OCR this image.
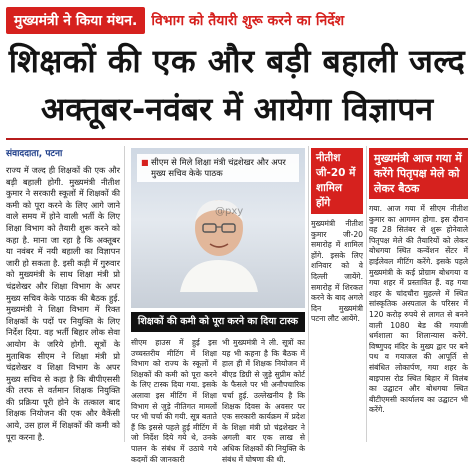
मुख्यमंत्री ने किया मंथन.	विभाग को तैयारी शुरू करने का निर्देश
शिक्षकों की एक और बड़ी बहाली जल्द
अक्तूबर-नवंबर में आयेगा विज्ञापन
संवाददाता, पटना
राज्य में जल्द ही शिक्षकों की एक और बड़ी बहाली होगी. मुख्यमंत्री नीतीश कुमार ने सरकारी स्कूलों में शिक्षकों की कमी को पूरा करने के लिए आगे जाने वाले समय में होने वाली भर्ती के लिए शिक्षा विभाग को तैयारी शुरू करने को कहा है. माना जा रहा है कि अक्तूबर या नवंबर में नयी बहाली का विज्ञापन जारी हो सकता है. इसी कड़ी में गुरुवार को मुख्यमंत्री के साथ शिक्षा मंत्री प्रो चंद्रशेखर और शिक्षा विभाग के अपर मुख्य सचिव केके पाठक की बैठक हुई. मुख्यमंत्री ने शिक्षा विभाग में रिक्त शिक्षकों के पदों पर नियुक्ति के लिए निर्देश दिया. वह भर्ती बिहार लोक सेवा आयोग के जरिये होगी. सूत्रों के मुताबिक सीएम ने शिक्षा मंत्री प्रो चंद्रशेखर व शिक्षा विभाग के अपर मुख्य सचिव से कहा है कि बीपीएससी की तरफ से वर्तमान शिक्षक नियुक्ति की प्रक्रिया पूरी होने के तत्काल बाद शिक्षक नियोजन की एक और वैकेंसी आये, उस हाल में शिक्षकों की कमी को पूरा करना है.
■ सीएम से मिले शिक्षा मंत्री चंद्रशेखर और अपर मुख्य सचिव केके पाठक
@pxy
शिक्षकों की कमी को पूरा करने का दिया टास्क
सीएम हाउस में हुई इस उच्चस्तरीय मीटिंग में शिक्षा विभाग को राज्य के स्कूलों में शिक्षकों की कमी को पूरा करने के लिए टास्क दिया गया. इसके अलावा इस मीटिंग में शिक्षा विभाग से जुड़े नीतिगत मामलों पर भी चर्चा की गयी. सूत्र बताते हैं कि इससे पहले हुई मीटिंग में जो निर्देश दिये गये थे, उनके पालन के संबंध में उठाये गये कदमों की जानकारी
भी मुख्यमंत्री ने ली. सूत्रों का यह भी कहना है कि बैठक में हाल ही में शिक्षक नियोजन में बीएड डिग्री से जुड़े सुप्रीम कोर्ट के फैसले पर भी अनौपचारिक चर्चा हुई. उल्लेखनीय है कि शिक्षक दिवस के अवसर पर एक सरकारी कार्यक्रम में प्रदेश के शिक्षा मंत्री प्रो चंद्रशेखर ने अगली बार एक लाख से अधिक शिक्षकों की नियुक्ति के संबंध में घोषणा की थी.
नीतीश जी-20 में शामिल होंगे
मुख्यमंत्री नीतीश कुमार जी-20 समारोह में शामिल होंगे. इसके लिए शनिवार को वे दिल्ली जायेंगे. समारोह में शिरकत करने के बाद अगले दिन मुख्यमंत्री पटना लौट आयेंगे.
मुख्यमंत्री आज गया में करेंगे पितृपक्ष मेले को लेकर बैठक
गया. आज गया में सीएम नीतीश कुमार का आगमन होगा. इस दौरान वह 28 सितंबर से शुरू होनेवाले पितृपक्ष मेले की तैयारियों को लेकर बोधगया स्थित कन्वेंशन सेंटर में हाईलेवल मीटिंग करेंगे. इसके पहले मुख्यमंत्री के कई प्रोग्राम बोधगया व गया शहर में प्रस्तावित हैं. वह गया शहर के चांदचौरा मुहल्ले में स्थित सांस्कृतिक अस्पताल के परिसर में 120 करोड़ रुपये से लागत से बनने वाली 1080 बेड की गयाजी धर्मशाला का शिलान्यास करेंगे. विष्णुपद मंदिर के मुख्य द्वार पर बने पथ व गयाजल की आपूर्ति से संबंधित लोकार्पण, गया शहर के बाइपास रोड स्थित बिहार में विलंब का उद्घाटन और बोधगया स्थित बीटीएमसी कार्यालय का उद्घाटन भी करेंगे.
